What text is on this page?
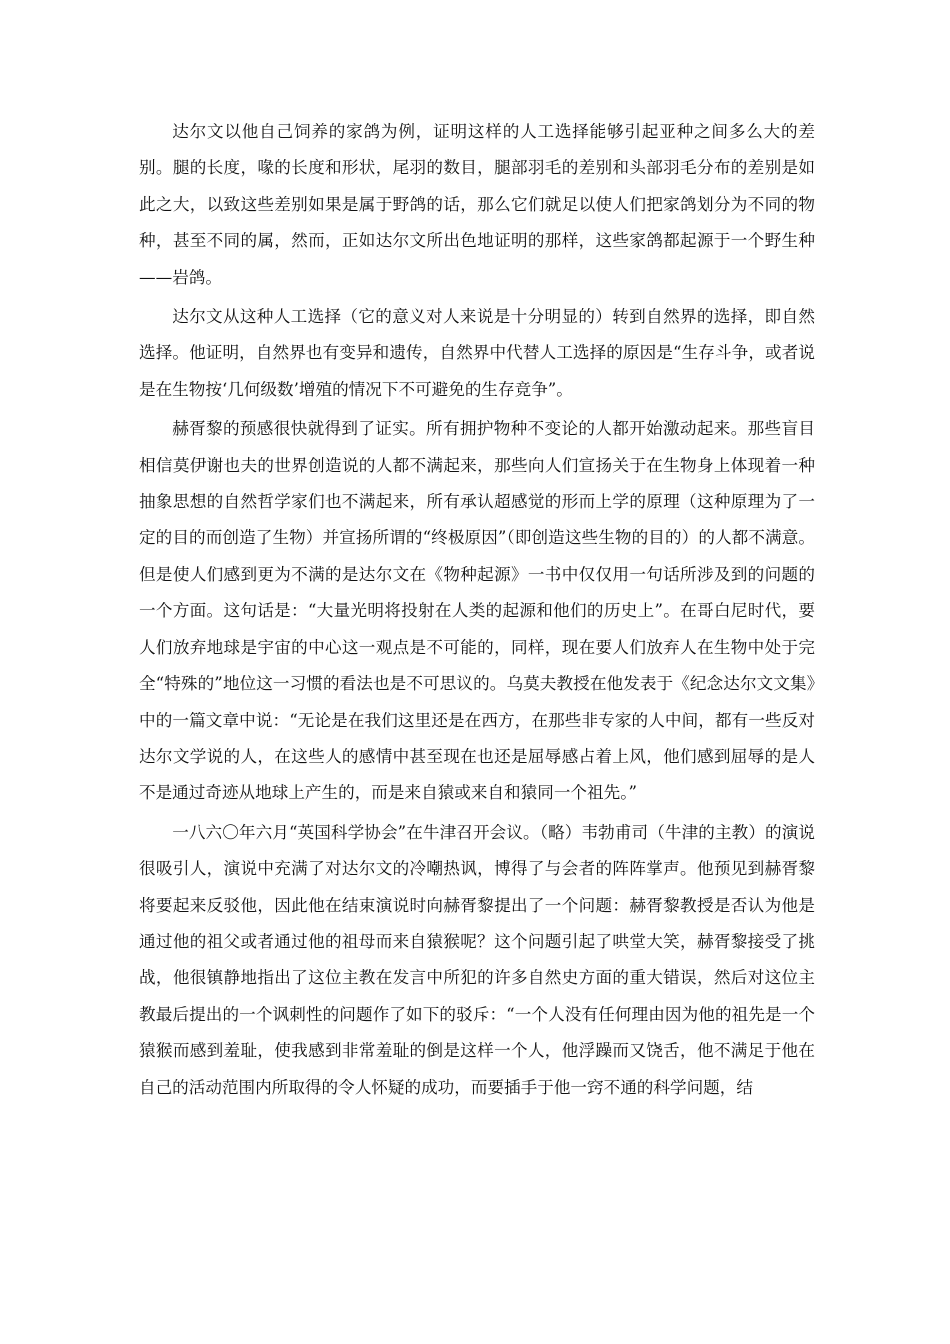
达尔文以他自己饲养的家鸽为例，证明这样的人工选择能够引起亚种之间多么大的差别。腿的长度，喙的长度和形状，尾羽的数目，腿部羽毛的差别和头部羽毛分布的差别是如此之大，以致这些差别如果是属于野鸽的话，那么它们就足以使人们把家鸽划分为不同的物种，甚至不同的属，然而，正如达尔文所出色地证明的那样，这些家鸽都起源于一个野生种——岩鸽。

达尔文从这种人工选择（它的意义对人来说是十分明显的）转到自然界的选择，即自然选择。他证明，自然界也有变异和遗传，自然界中代替人工选择的原因是“生存斗争，或者说是在生物按‘几何级数’增殖的情况下不可避免的生存竞争”。

赫胥黎的预感很快就得到了证实。所有拥护物种不变论的人都开始激动起来。那些盲目相信莫伊谢也夫的世界创造说的人都不满起来，那些向人们宣扬关于在生物身上体现着一种抽象思想的自然哲学家们也不满起来，所有承认超感觉的形而上学的原理（这种原理为了一定的目的而创造了生物）并宣扬所谓的“终极原因”（即创造这些生物的目的）的人都不满意。但是使人们感到更为不满的是达尔文在《物种起源》一书中仅仅用一句话所涉及到的问题的一个方面。这句话是：“大量光明将投射在人类的起源和他们的历史上”。在哥白尼时代，要人们放弃地球是宇宙的中心这一观点是不可能的，同样，现在要人们放弃人在生物中处于完全“特殊的”地位这一习惯的看法也是不可思议的。乌莫夫教授在他发表于《纪念达尔文文集》中的一篇文章中说：“无论是在我们这里还是在西方，在那些非专家的人中间，都有一些反对达尔文学说的人，在这些人的感情中甚至现在也还是屈辱感占着上风，他们感到屈辱的是人不是通过奇迹从地球上产生的，而是来自猿或来自和猿同一个祖先。”

一八六〇年六月“英国科学协会”在牛津召开会议。（略）韦勃甫司（牛津的主教）的演说很吸引人，演说中充满了对达尔文的冷嘲热讽，博得了与会者的阵阵掌声。他预见到赫胥黎将要起来反驳他，因此他在结束演说时向赫胥黎提出了一个问题：赫胥黎教授是否认为他是通过他的祖父或者通过他的祖母而来自猿猴呢？这个问题引起了哄堂大笑，赫胥黎接受了挑战，他很镇静地指出了这位主教在发言中所犯的许多自然史方面的重大错误，然后对这位主教最后提出的一个讽刺性的问题作了如下的驳斥：“一个人没有任何理由因为他的祖先是一个猿猴而感到羞耻，使我感到非常羞耻的倒是这样一个人，他浮躁而又饶舌，他不满足于他在自己的活动范围内所取得的令人怀疑的成功，而要插手于他一窍不通的科学问题，结
